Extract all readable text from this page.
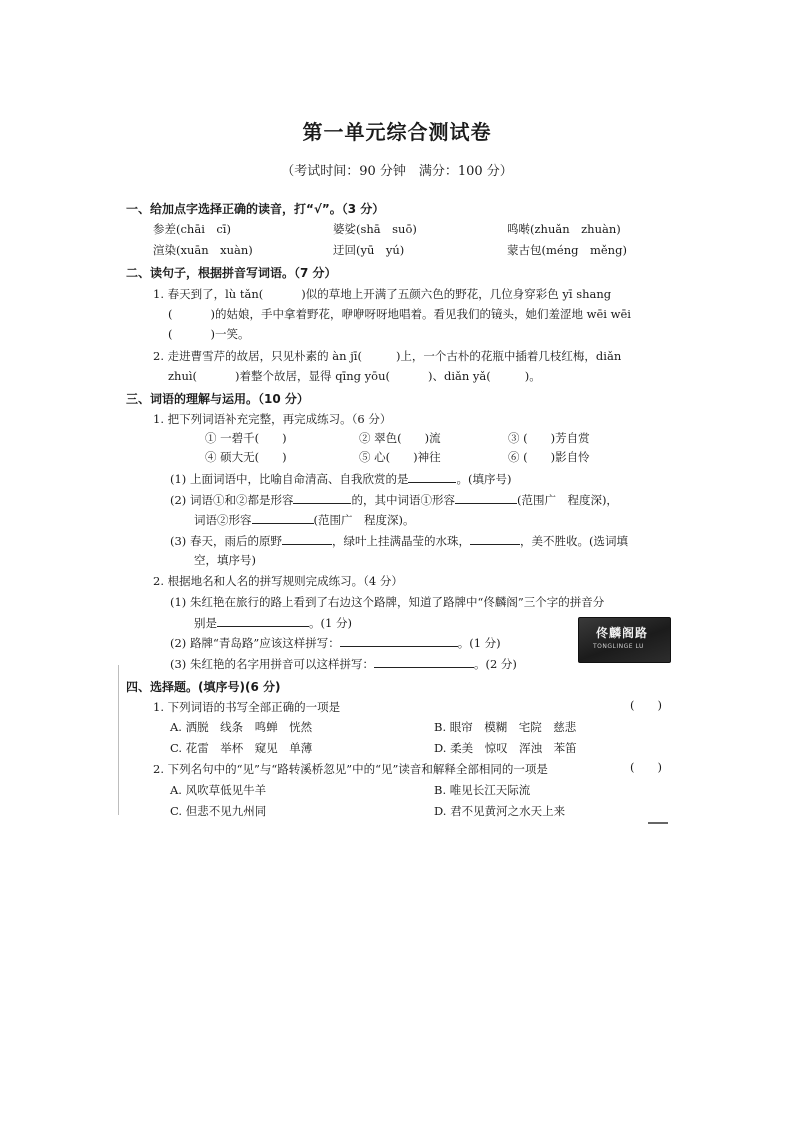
第一单元综合测试卷
（考试时间：90 分钟　满分：100 分）
一、给加点字选择正确的读音，打“√”。（3 分）
参差(chāi　cī)	婆娑(shā　suō)	鸣啭(zhuǎn　zhuàn)
渲染(xuān　xuàn)	迂回(yū　yú)	蒙古包(méng　měng)
二、读句子，根据拼音写词语。（7 分）
1. 春天到了，lù tǎn(	)似的草地上开满了五颜六色的野花，几位身穿彩色 yī shang
(	)的姑娘，手中拿着野花，咿咿呀呀地唱着。看见我们的镜头，她们羞涩地 wēi wēi
(	)一笑。
2. 走进曹雪芹的故居，只见朴素的 àn jī(	)上，一个古朴的花瓶中插着几枝红梅，diǎn
zhuì(	)着整个故居，显得 qīng yōu(	)、diǎn yǎ(	)。
三、词语的理解与运用。（10 分）
1. 把下列词语补充完整，再完成练习。（6 分）
① 一碧千(　　)	② 翠色(　　)流	③ (　　)芳自赏
④ 硕大无(　　)	⑤ 心(　　)神往	⑥ (　　)影自怜
(1) 上面词语中，比喻自命清高、自我欣赏的是	。(填序号)
(2) 词语①和②都是形容	的，其中词语①形容	(范围广　程度深)，
词语②形容	(范围广　程度深)。
(3) 春天，雨后的原野	，绿叶上挂满晶莹的水珠，	，美不胜收。(选词填
空，填序号)
2. 根据地名和人名的拼写规则完成练习。（4 分）
(1) 朱红艳在旅行的路上看到了右边这个路牌，知道了路牌中“佟麟阁”三个字的拼音分
别是	。(1 分)
(2) 路牌“青岛路”应该这样拼写：	。(1 分)
(3) 朱红艳的名字用拼音可以这样拼写：	。(2 分)
佟麟阁路
TONGLINGE LU
四、选择题。(填序号)(6 分)
1. 下列词语的书写全部正确的一项是	(　　)
A. 洒脱　线条　鸣蝉　恍然	B. 眼帘　模糊　宅院　慈悲
C. 花雷　举杯　窥见　单薄	D. 柔美　惊叹　浑浊　苯笛
2. 下列名句中的“见”与“路转溪桥忽见”中的“见”读音和解释全部相同的一项是	(　　)
A. 风吹草低见牛羊	B. 唯见长江天际流
C. 但悲不见九州同	D. 君不见黄河之水天上来
